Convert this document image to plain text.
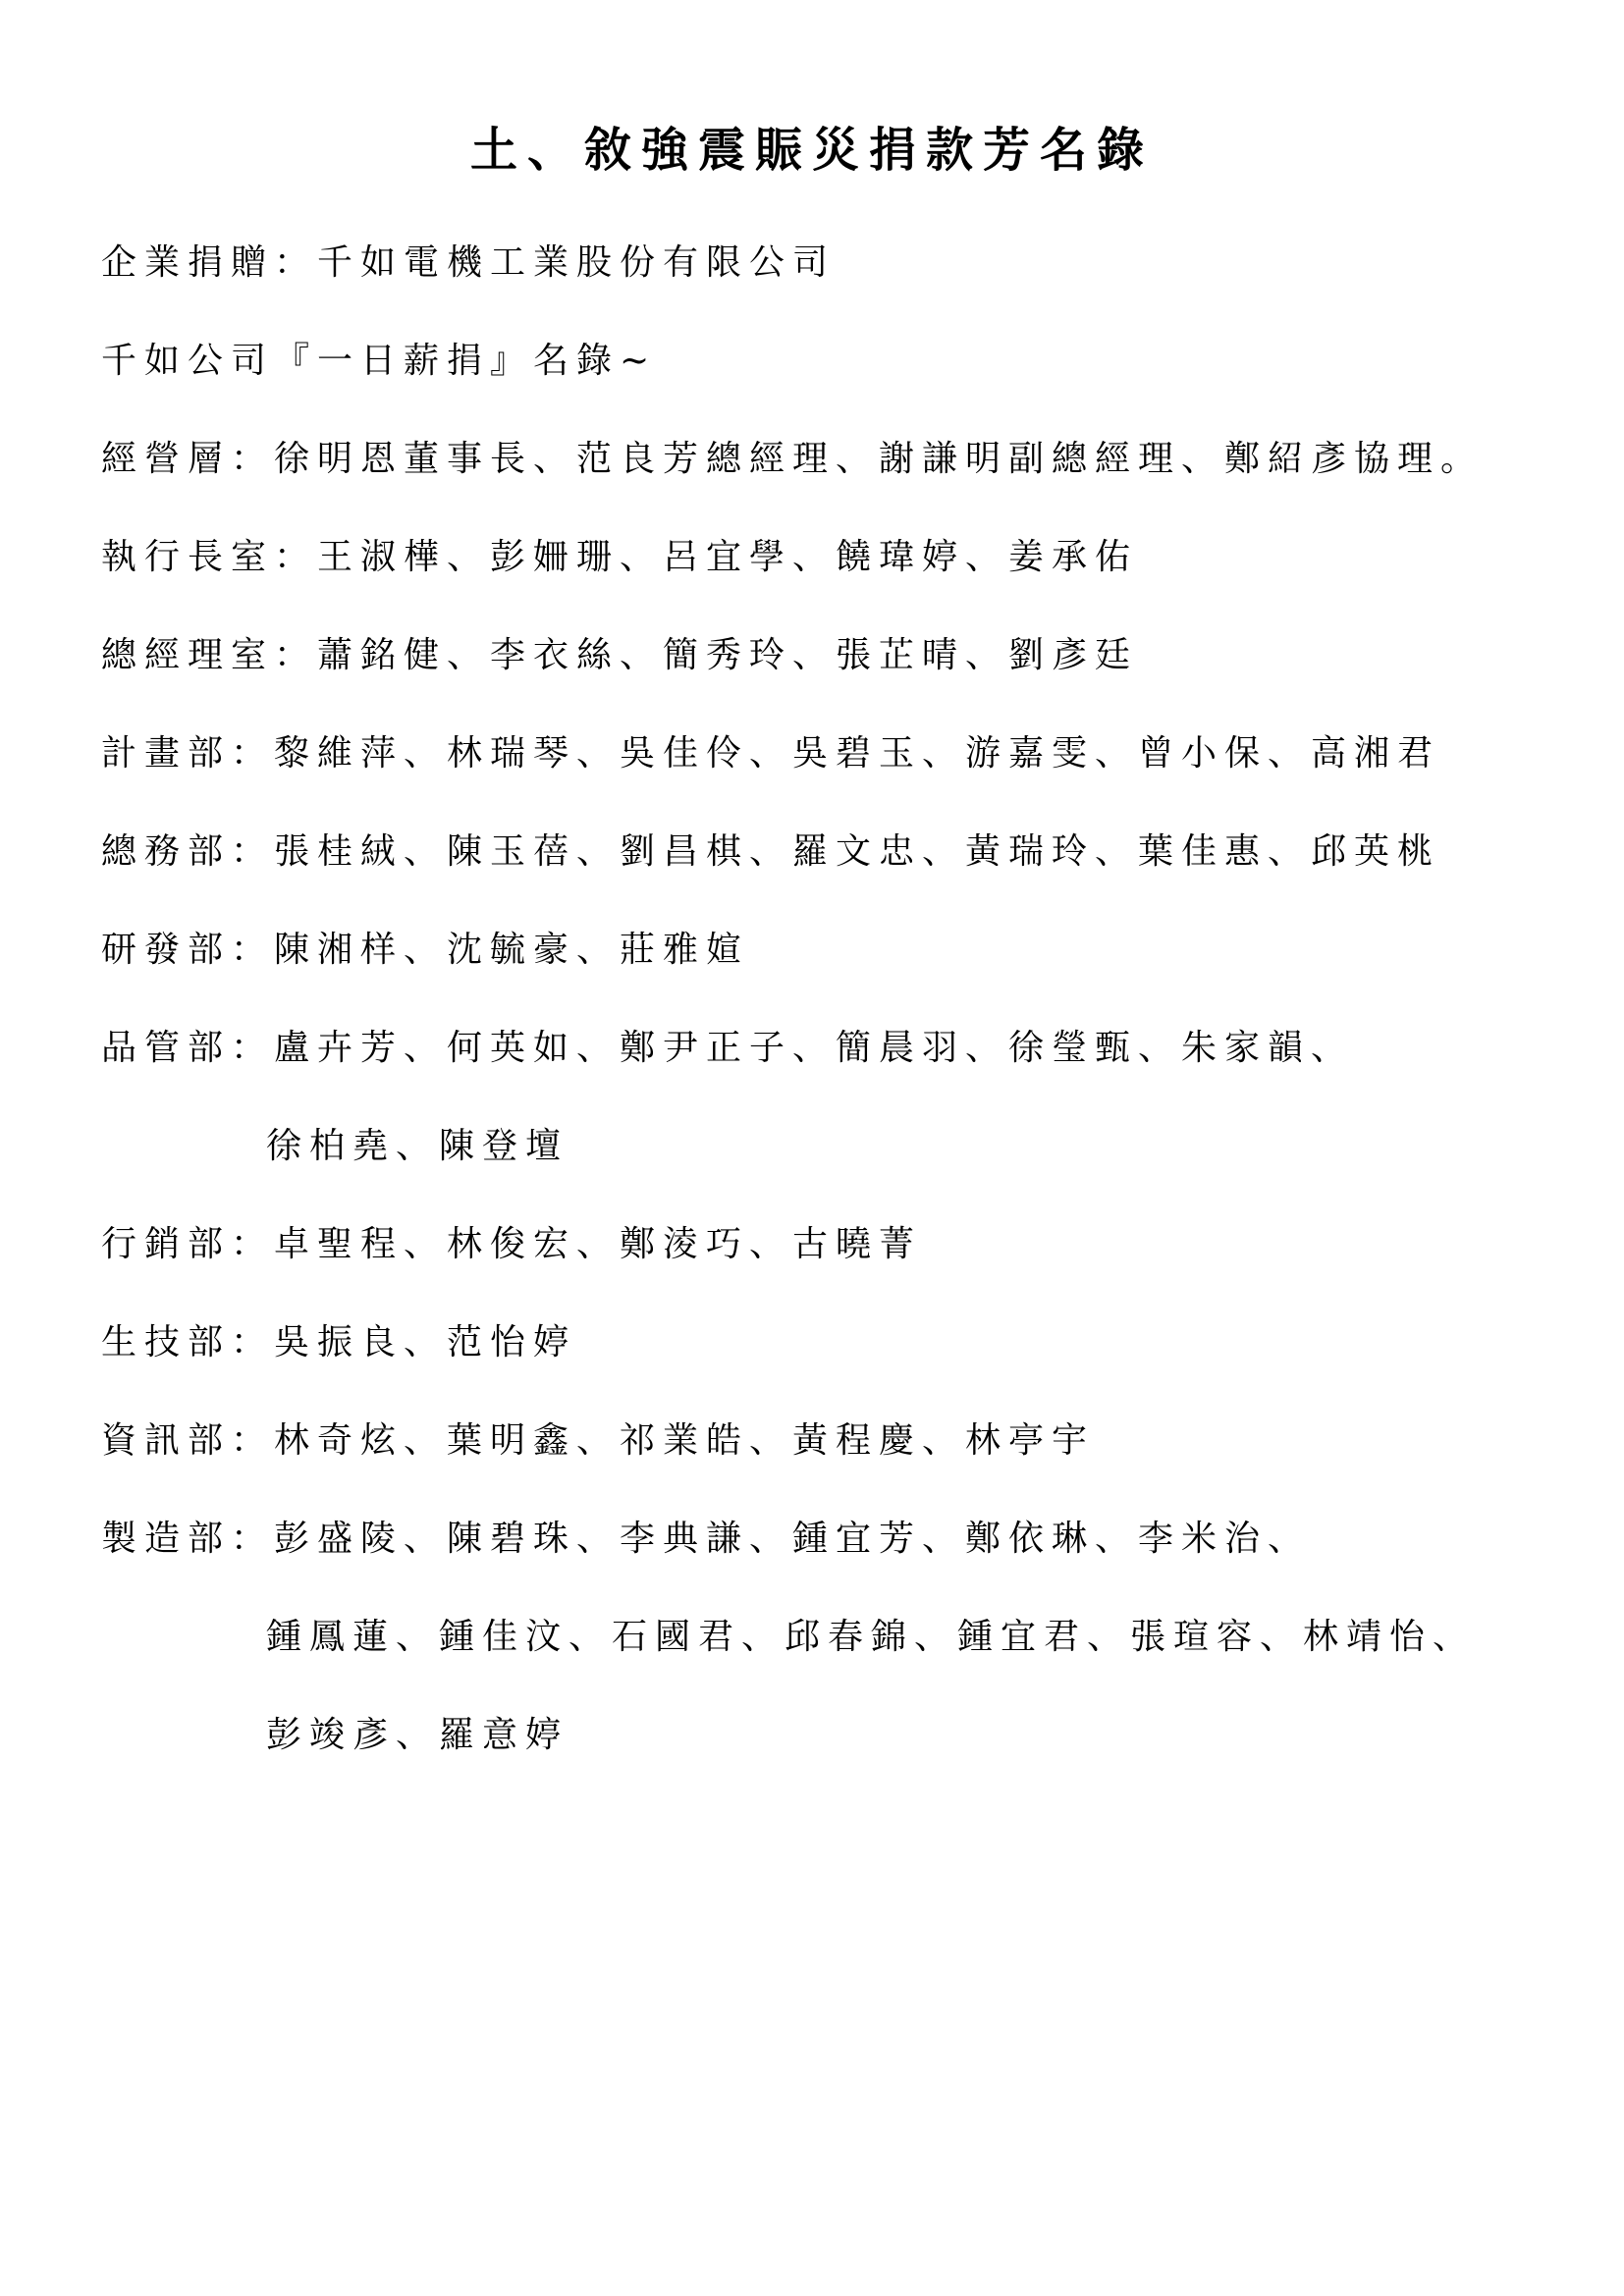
土、敘強震賑災捐款芳名錄
企業捐贈：千如電機工業股份有限公司
千如公司『一日薪捐』名錄~
經營層：徐明恩董事長、范良芳總經理、謝謙明副總經理、鄭紹彥協理。
執行長室：王淑樺、彭姍珊、呂宜學、饒瑋婷、姜承佑
總經理室：蕭銘健、李衣絲、簡秀玲、張芷晴、劉彥廷
計畫部：黎維萍、林瑞琴、吳佳伶、吳碧玉、游嘉雯、曾小保、高湘君
總務部：張桂絨、陳玉蓓、劉昌棋、羅文忠、黃瑞玲、葉佳惠、邱英桃
研發部：陳湘样、沈毓豪、莊雅媗
品管部：盧卉芳、何英如、鄭尹正子、簡晨羽、徐瑩甄、朱家韻、
徐柏堯、陳登壇
行銷部：卓聖程、林俊宏、鄭淩巧、古曉菁
生技部：吳振良、范怡婷
資訊部：林奇炫、葉明鑫、祁業皓、黃程慶、林亭宇
製造部：彭盛陵、陳碧珠、李典謙、鍾宜芳、鄭依琳、李米治、
鍾鳳蓮、鍾佳汶、石國君、邱春錦、鍾宜君、張瑄容、林靖怡、
彭竣彥、羅意婷
